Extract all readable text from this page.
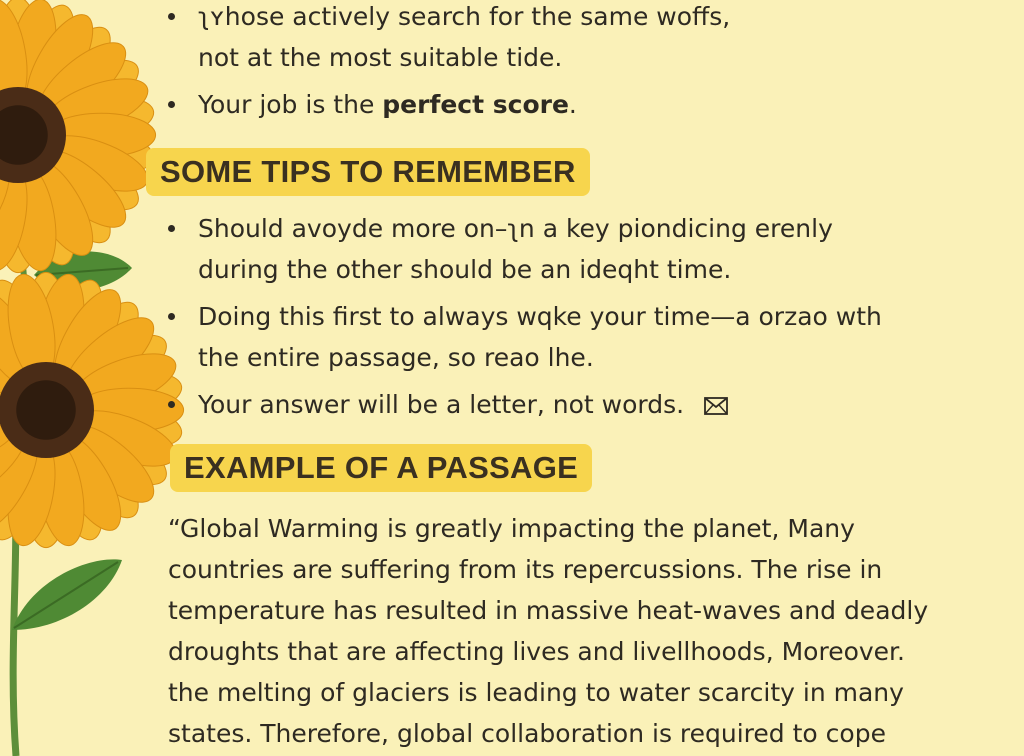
ʅʏhose actively search for the same woffs,
not at the most suitable tide.
Your job is the perfect score.
SOME TIPS TO REMEMBER
Should avoyde more on–ʅn a key piondicing erenly
during the other should be an ideqht time.
Doing this first to always wqke your time—a orzao wth
the entire passage, so reao lhe.
Your answer will be a letter, not words.
EXAMPLE OF A PASSAGE

“Global Warming is greatly impacting the planet, Many
countries are suffering from its repercussions. The rise in
temperature has resulted in massive heat-waves and deadly
droughts that are affecting lives and livellhoods, Moreover.
the melting of glaciers is leading to water scarcity in many
states. Therefore, global collaboration is required to cope
